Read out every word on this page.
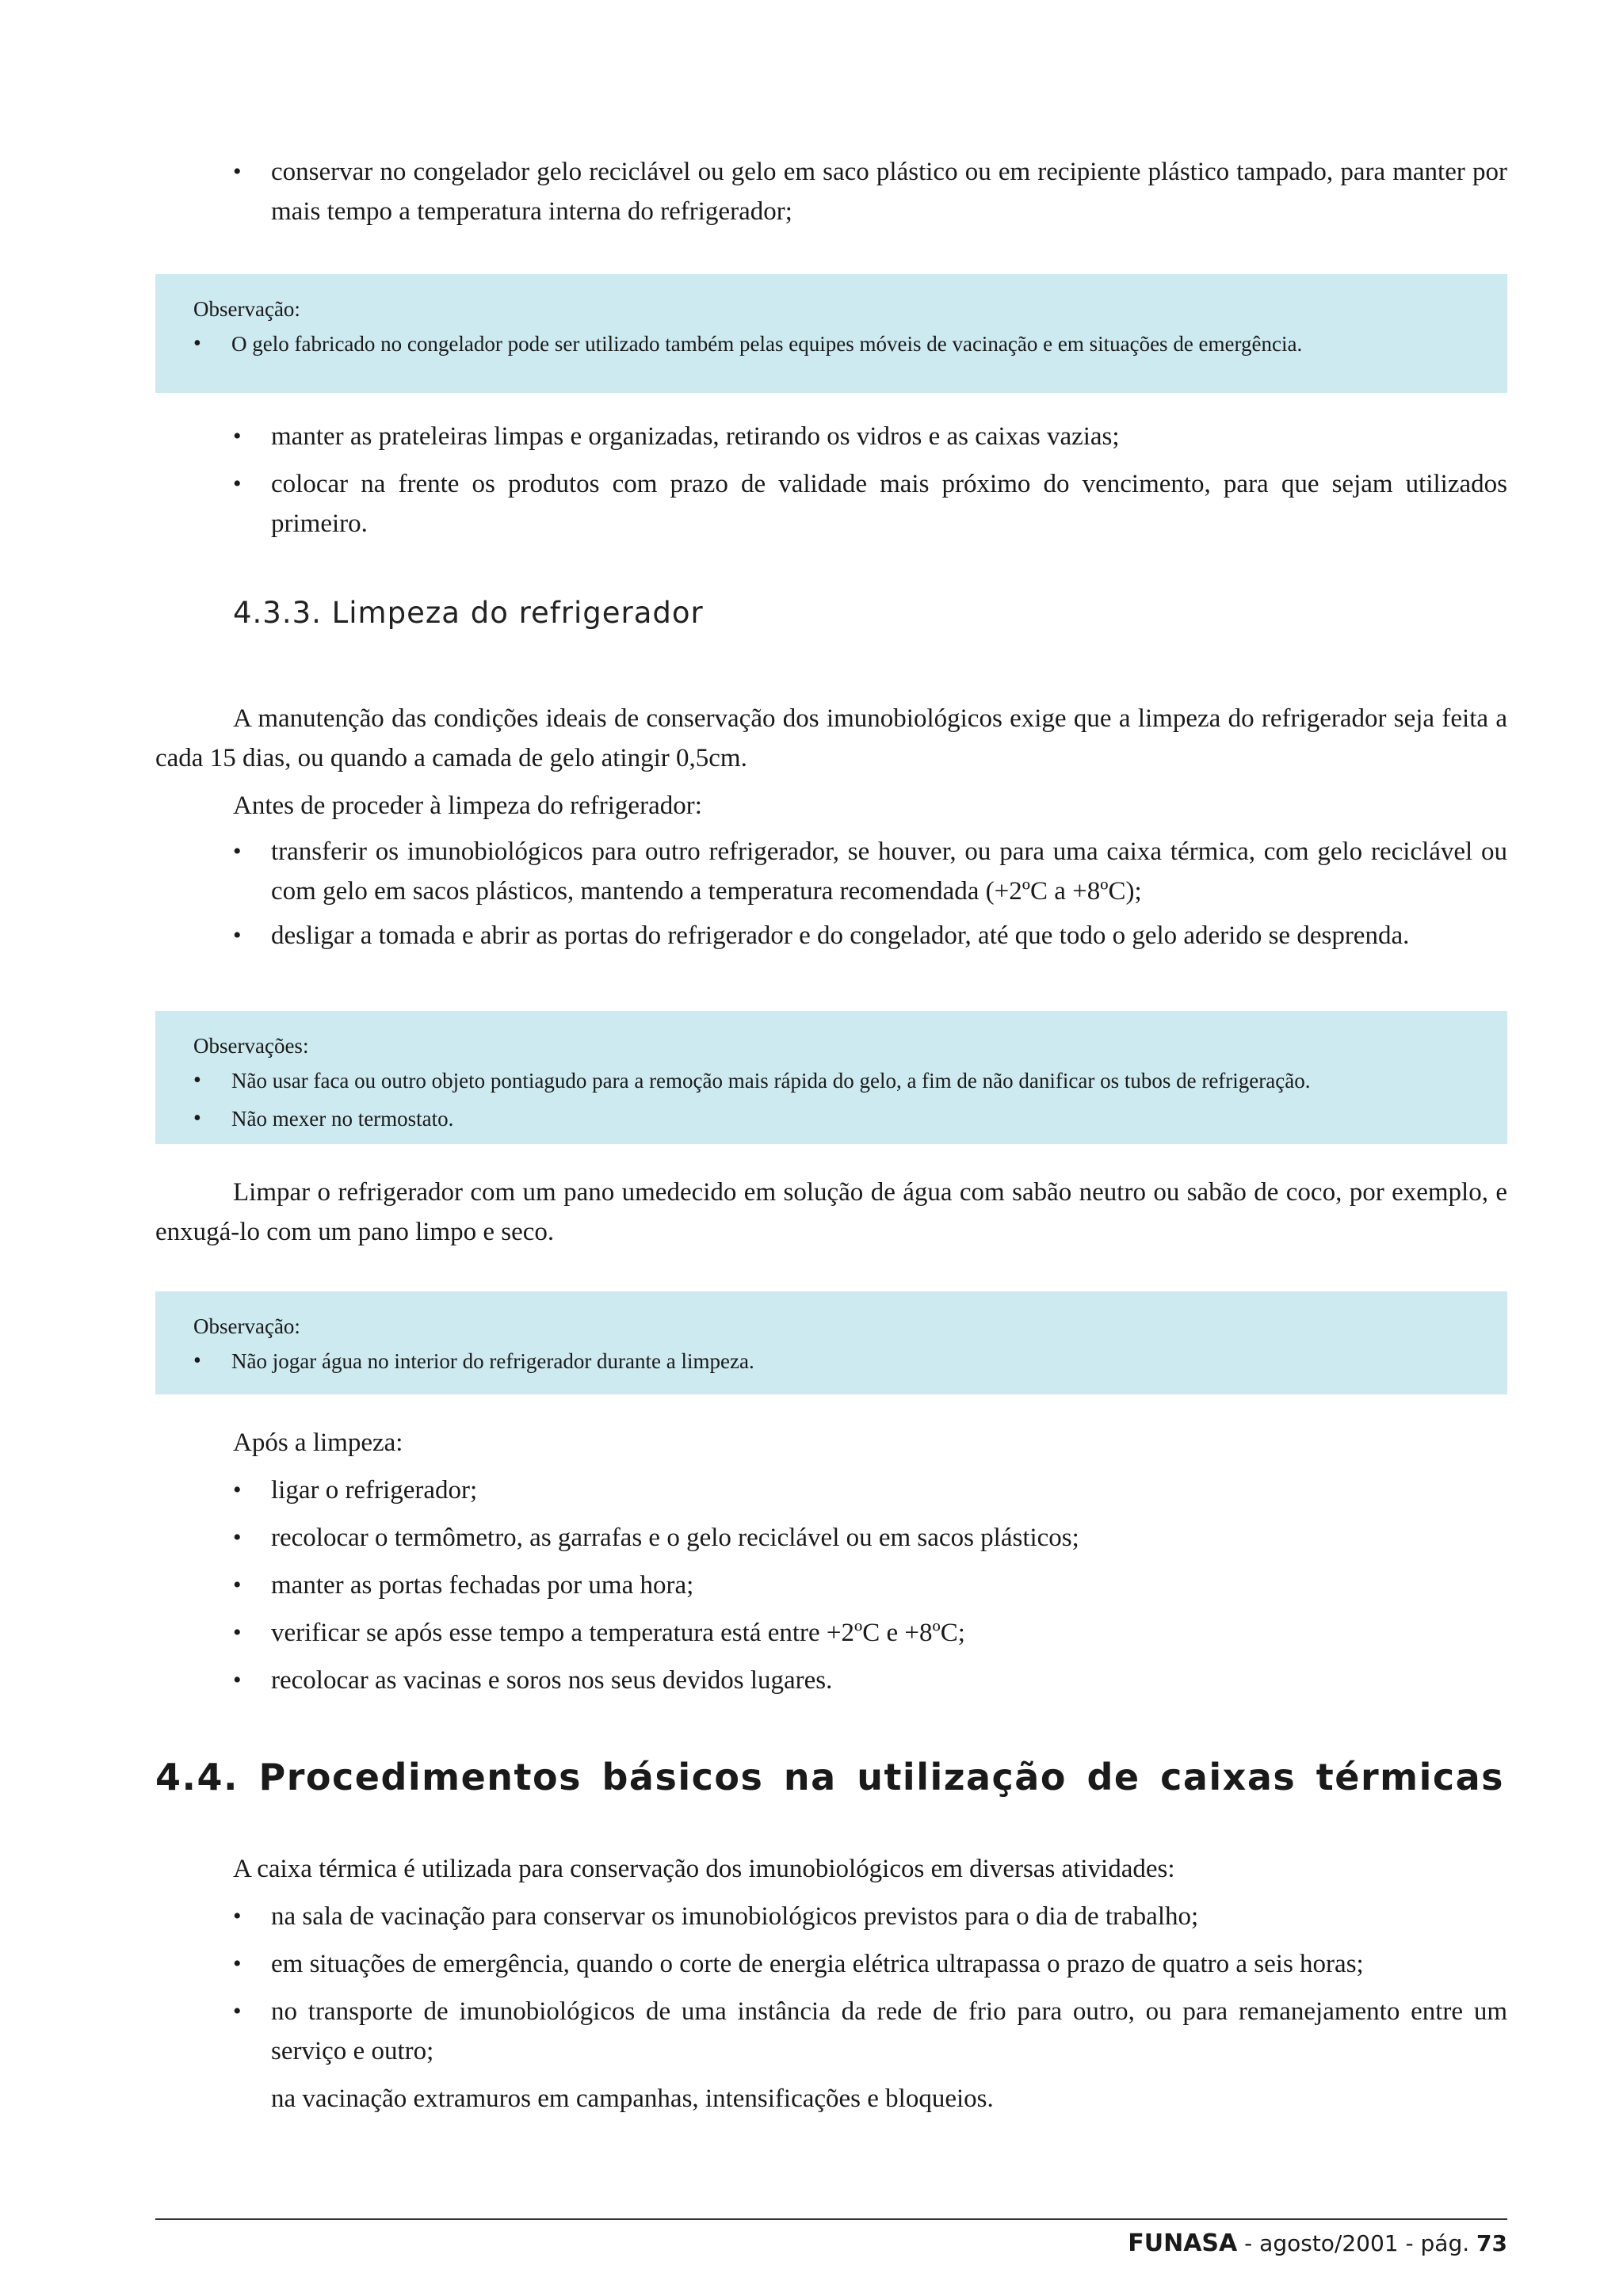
• conservar no congelador gelo reciclável ou gelo em saco plástico ou em recipiente plástico tampado, para manter por mais tempo a temperatura interna do refrigerador;
Observação:
• O gelo fabricado no congelador pode ser utilizado também pelas equipes móveis de vacinação e em situações de emergência.
• manter as prateleiras limpas e organizadas, retirando os vidros e as caixas vazias;
• colocar na frente os produtos com prazo de validade mais próximo do vencimento, para que sejam utilizados primeiro.
4.3.3. Limpeza do refrigerador

A manutenção das condições ideais de conservação dos imunobiológicos exige que a limpeza do refrigerador seja feita a cada 15 dias, ou quando a camada de gelo atingir 0,5cm.

Antes de proceder à limpeza do refrigerador:

• transferir os imunobiológicos para outro refrigerador, se houver, ou para uma caixa térmica, com gelo reciclável ou com gelo em sacos plásticos, mantendo a temperatura recomendada (+2ºC a +8ºC);
• desligar a tomada e abrir as portas do refrigerador e do congelador, até que todo o gelo aderido se desprenda.
Observações:
• Não usar faca ou outro objeto pontiagudo para a remoção mais rápida do gelo, a fim de não danificar os tubos de refrigeração.
• Não mexer no termostato.

Limpar o refrigerador com um pano umedecido em solução de água com sabão neutro ou sabão de coco, por exemplo, e enxugá-lo com um pano limpo e seco.

Observação:
• Não jogar água no interior do refrigerador durante a limpeza.

Após a limpeza:

• ligar o refrigerador;
• recolocar o termômetro, as garrafas e o gelo reciclável ou em sacos plásticos;
• manter as portas fechadas por uma hora;
• verificar se após esse tempo a temperatura está entre +2ºC e +8ºC;
• recolocar as vacinas e soros nos seus devidos lugares.
4.4. Procedimentos básicos na utilização de caixas térmicas

A caixa térmica é utilizada para conservação dos imunobiológicos em diversas atividades:

• na sala de vacinação para conservar os imunobiológicos previstos para o dia de trabalho;
• em situações de emergência, quando o corte de energia elétrica ultrapassa o prazo de quatro a seis horas;
• no transporte de imunobiológicos de uma instância da rede de frio para outro, ou para remanejamento entre um serviço e outro;

na vacinação extramuros em campanhas, intensificações e bloqueios.

FUNASA - agosto/2001 - pág. 73
